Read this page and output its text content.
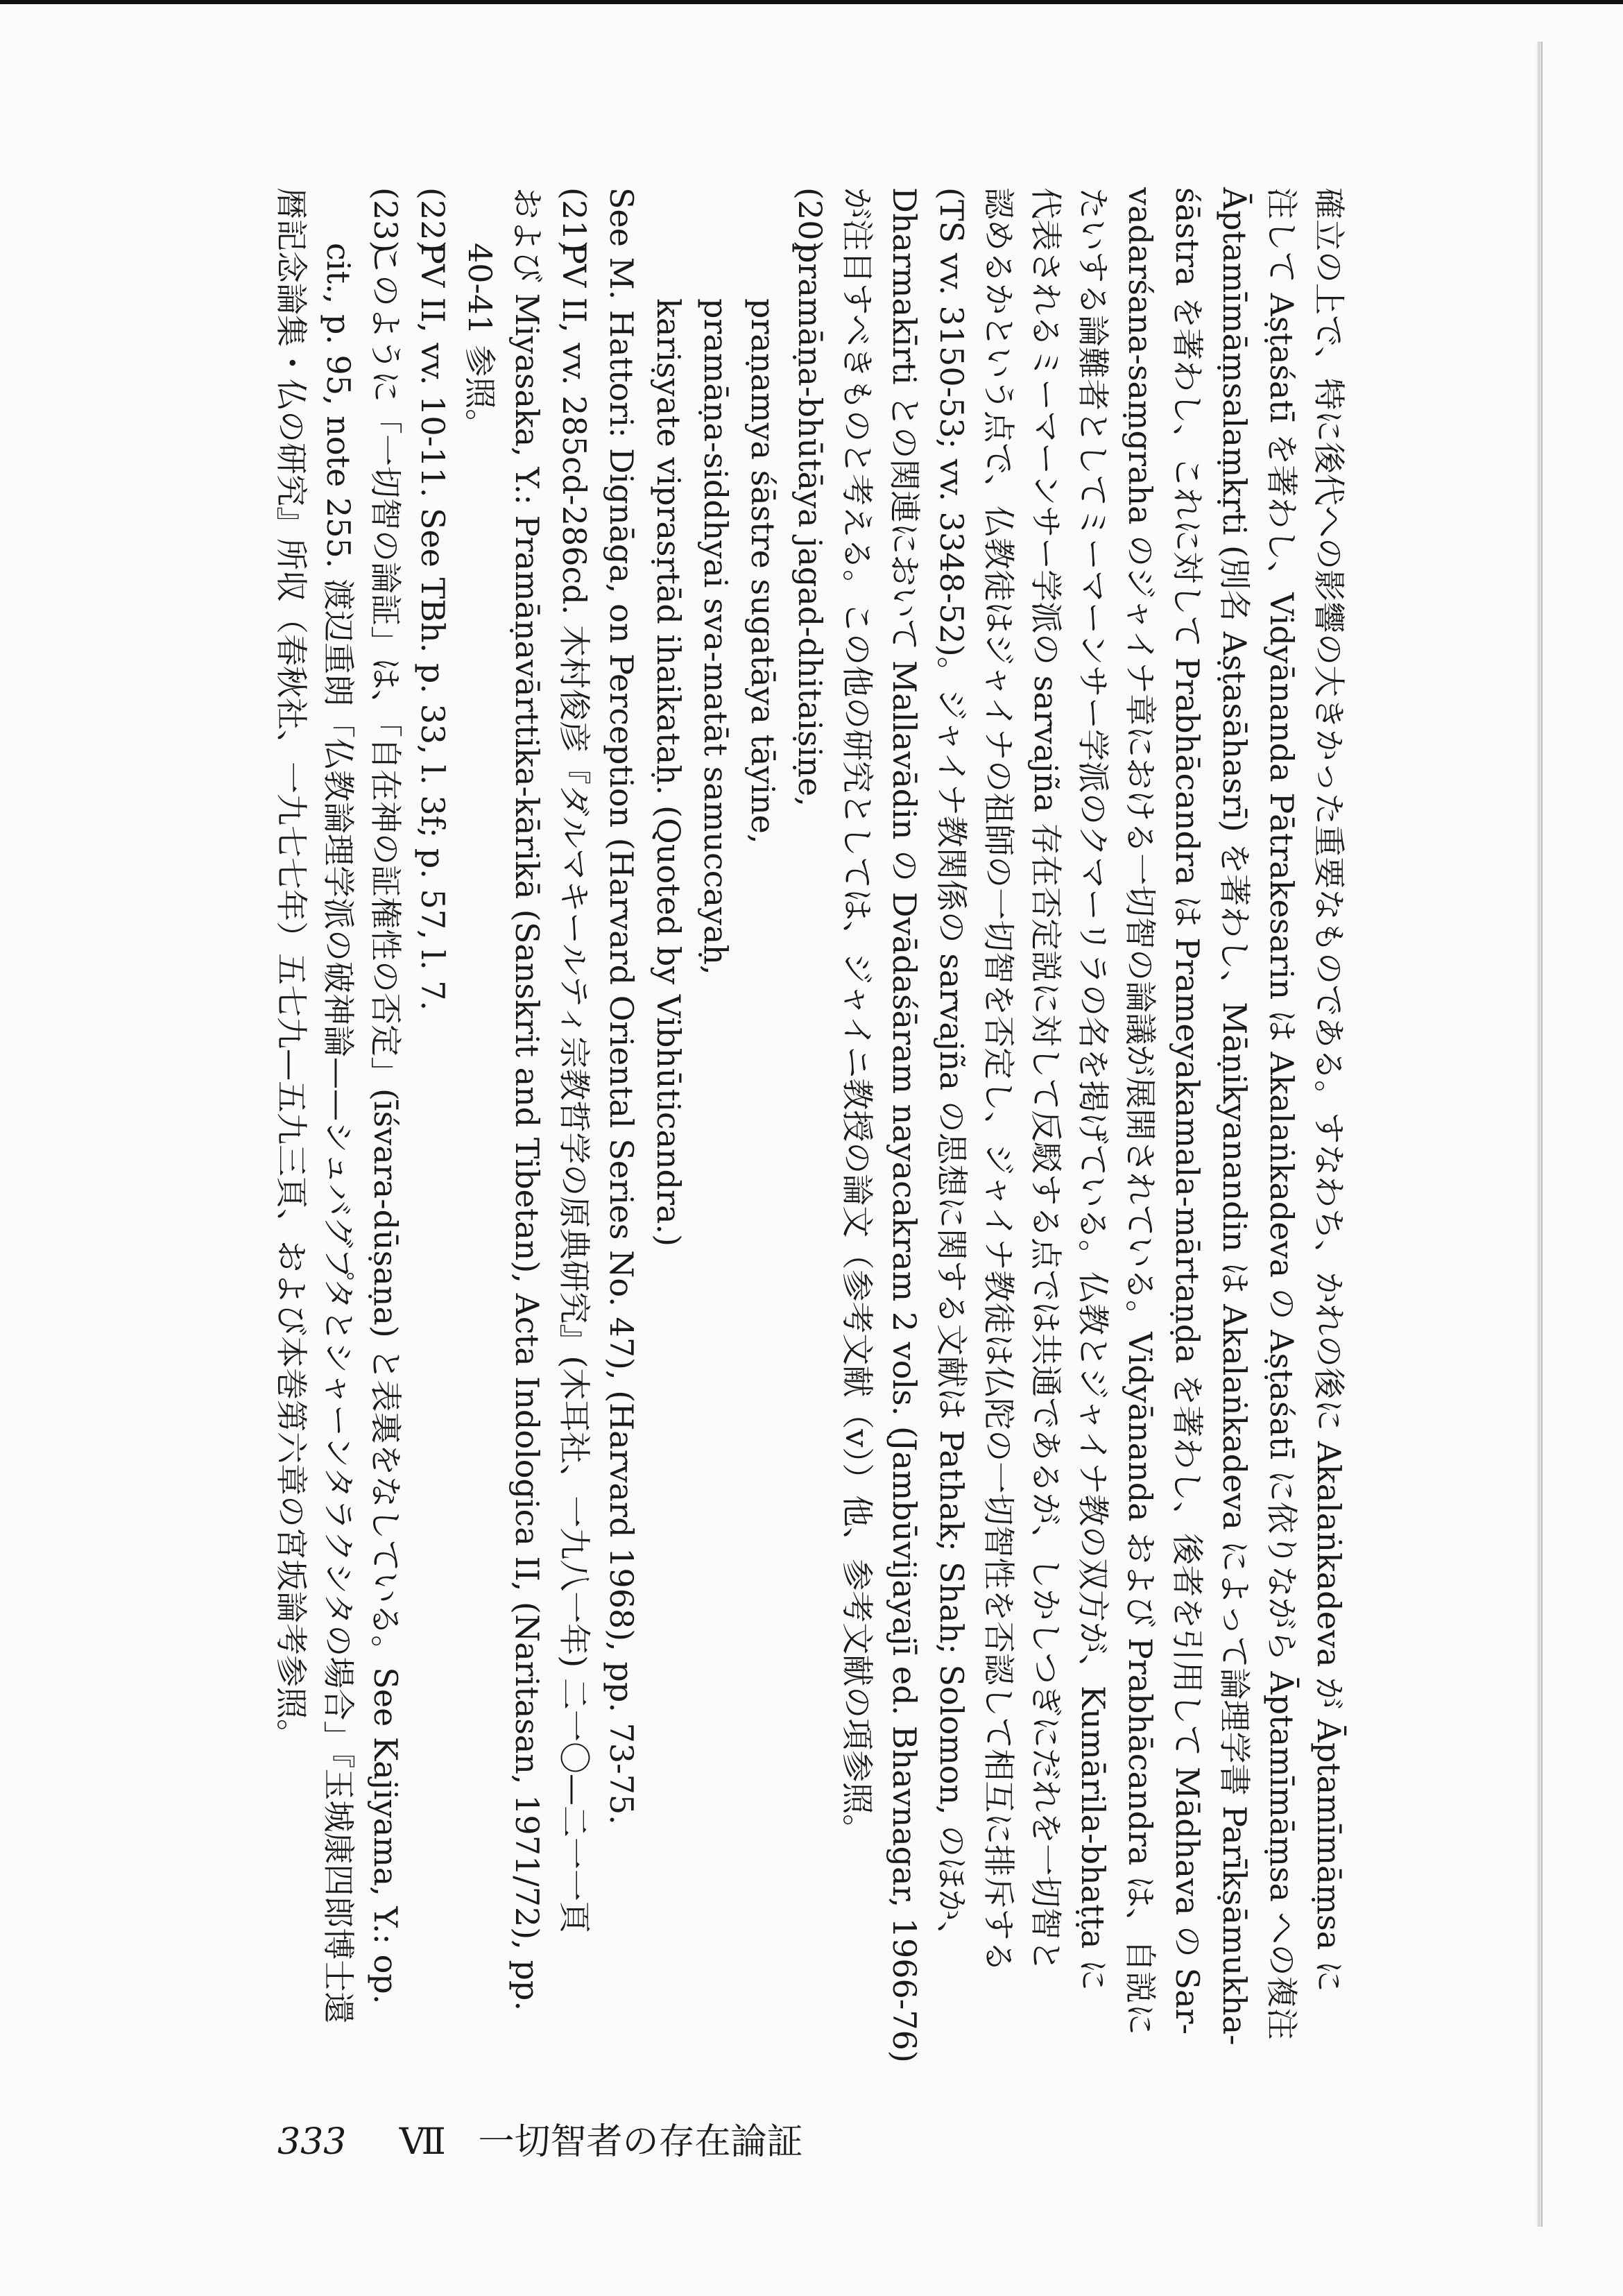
確立の上で、特に後代への影響の大きかった重要なものである。すなわち、かれの後に Akalaṅkadeva が Āptamīmāṃsa に

注して Aṣṭaśatī を著わし、Vidyānanda Pātrakesarin は Akalaṅkadeva の Aṣṭaśatī に依りながら Āptamīmāṃsa への複注

Āptamīmāṃsalaṃkṛti (別名 Aṣṭasāhasrī) を著わし、Māṇikyanandin は Akalaṅkadeva によって論理学書 Parīkṣāmukha-

śāstra を著わし、これに対して Prabhācandra は Prameyakamala-mārtaṇḍa を著わし、後者を引用して Mādhava の Sar-

vadarśana-saṃgraha のジャイナ章における一切智の論議が展開されている。Vidyānanda および Prabhācandra は、自説に

たいする論難者としてミーマーンサー学派のクマーリラの名を掲げている。仏教とジャイナ教の双方が、Kumārila-bhaṭṭa に

代表されるミーマーンサー学派の sarvajña 存在否定説に対して反駁する点では共通であるが、しかしつぎにだれを一切智と

認めるかという点で、仏教徒はジャイナの祖師の一切智を否定し、ジャイナ教徒は仏陀の一切智性を否認して相互に排斥する

(TS vv. 3150-53; vv. 3348-52)。ジャイナ教関係の sarvajña の思想に関する文献は Pathak; Shah; Solomon, のほか、

Dharmakīrti との関連において Mallavādin の Dvādaśāram nayacakram 2 vols. (Jambūvijayajī ed. Bhavnagar, 1966-76)

が注目すべきものと考える。この他の研究としては、ジャイニ教授の論文（参考文献（v））他、参考文献の項参照。

(20)pramāṇa-bhūtāya jagad-dhitaiṣiṇe,

praṇamya śāstre sugatāya tāyine,

pramāṇa-siddhyai sva-matāt samuccayaḥ,

kariṣyate viprasṛtād ihaikataḥ. (Quoted by Vibhūticandra.)

See M. Hattori: Dignāga, on Perception (Harvard Oriental Series No. 47), (Harvard 1968), pp. 73-75.

(21)PV II, vv. 285cd-286cd. 木村俊彦『ダルマキールティ宗教哲学の原典研究』(木耳社、一九八一年) 二一〇—二一一頁

および Miyasaka, Y.: Pramāṇavārttika-kārikā (Sanskrit and Tibetan), Acta Indologica II, (Naritasan, 1971/72), pp.

40-41 参照。

(22)PV II, vv. 10-11. See TBh. p. 33, l. 3f; p. 57, l. 7.

(23)このように「一切智の論証」は、「自在神の証権性の否定」(īśvara-dūṣaṇa) と表裏をなしている。See Kajiyama, Y.: op.

cit., p. 95, note 255. 渡辺重朗「仏教論理学派の破神論——シュバグプタとシャーンタラクシタの場合」『玉城康四郎博士還

暦記念論集・仏の研究』所収（春秋社、一九七七年）五七九—五九三頁、および本巻第六章の宮坂論考参照。

333 Ⅶ 一切智者の存在論証
